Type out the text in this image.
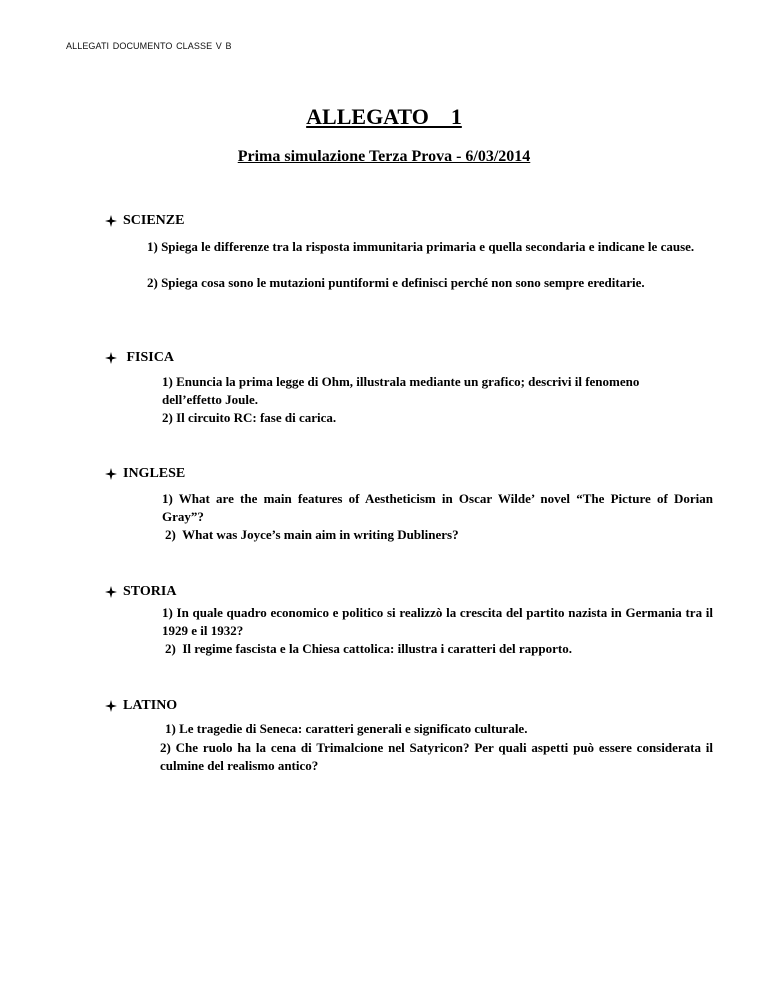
ALLEGATI DOCUMENTO CLASSE V B
ALLEGATO    1
Prima simulazione Terza Prova - 6/03/2014
SCIENZE
1) Spiega le differenze tra la risposta immunitaria primaria e quella secondaria e indicane le cause.
2) Spiega cosa sono le mutazioni puntiformi e definisci perché non sono sempre ereditarie.
FISICA
1) Enuncia la prima legge di Ohm, illustrala mediante un grafico; descrivi il fenomeno dell’effetto Joule.
2) Il circuito RC: fase di carica.
INGLESE
1) What are the main features of Aestheticism in Oscar Wilde’ novel “The Picture of Dorian Gray”?
2)  What was Joyce’s main aim in writing Dubliners?
STORIA
1) In quale quadro economico e politico si realizzò la crescita del partito nazista in Germania tra il 1929 e il 1932?
2)  Il regime fascista e la Chiesa cattolica: illustra i caratteri del rapporto.
LATINO
1) Le tragedie di Seneca: caratteri generali e significato culturale.
2) Che ruolo ha la cena di Trimalcione nel Satyricon? Per quali aspetti può essere considerata il culmine del realismo antico?
